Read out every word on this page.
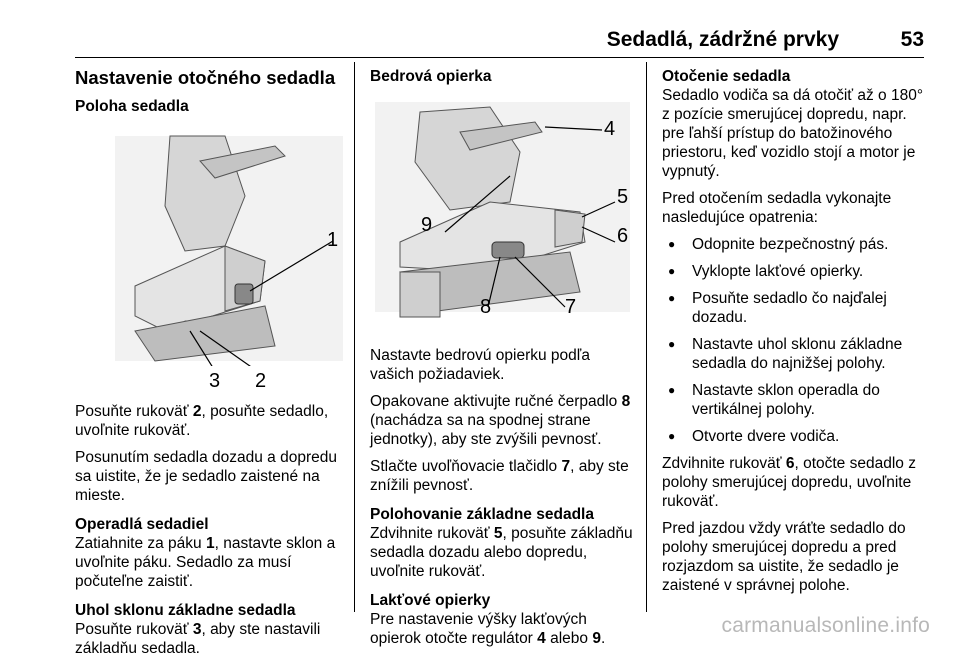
Sedadlá, zádržné prvky	53
Nastavenie otočného sedadla
Poloha sedadla
1
3 2

Posuňte rukoväť 2, posuňte sedadlo, uvoľnite rukoväť.

Posunutím sedadla dozadu a dopredu sa uistite, že je sedadlo zaistené na mieste.

Operadlá sedadiel

Zatiahnite za páku 1, nastavte sklon a uvoľnite páku. Sedadlo za musí počuteľne zaistiť.

Uhol sklonu základne sedadla

Posuňte rukoväť 3, aby ste nastavili základňu sedadla.

Bedrová opierka
4
5
9	6
8	7

Nastavte bedrovú opierku podľa vašich požiadaviek.

Opakovane aktivujte ručné čerpadlo 8 (nachádza sa na spodnej strane jednotky), aby ste zvýšili pevnosť.

Stlačte uvoľňovacie tlačidlo 7, aby ste znížili pevnosť.

Polohovanie základne sedadla

Zdvihnite rukoväť 5, posuňte základňu sedadla dozadu alebo dopredu, uvoľnite rukoväť.

Lakťové opierky

Pre nastavenie výšky lakťových opierok otočte regulátor 4 alebo 9.

Otočenie sedadla

Sedadlo vodiča sa dá otočiť až o 180° z pozície smerujúcej dopredu, napr. pre ľahší prístup do batožinového priestoru, keď vozidlo stojí a motor je vypnutý.

Pred otočením sedadla vykonajte nasledujúce opatrenia:

● Odopnite bezpečnostný pás.
● Vyklopte lakťové opierky.
● Posuňte sedadlo čo najďalej dozadu.
● Nastavte uhol sklonu základne sedadla do najnižšej polohy.
● Nastavte sklon operadla do vertikálnej polohy.
● Otvorte dvere vodiča.

Zdvihnite rukoväť 6, otočte sedadlo z polohy smerujúcej dopredu, uvoľnite rukoväť.

Pred jazdou vždy vráťte sedadlo do polohy smerujúcej dopredu a pred rozjazdom sa uistite, že sedadlo je zaistené v správnej polohe.

carmanualsonline.info
